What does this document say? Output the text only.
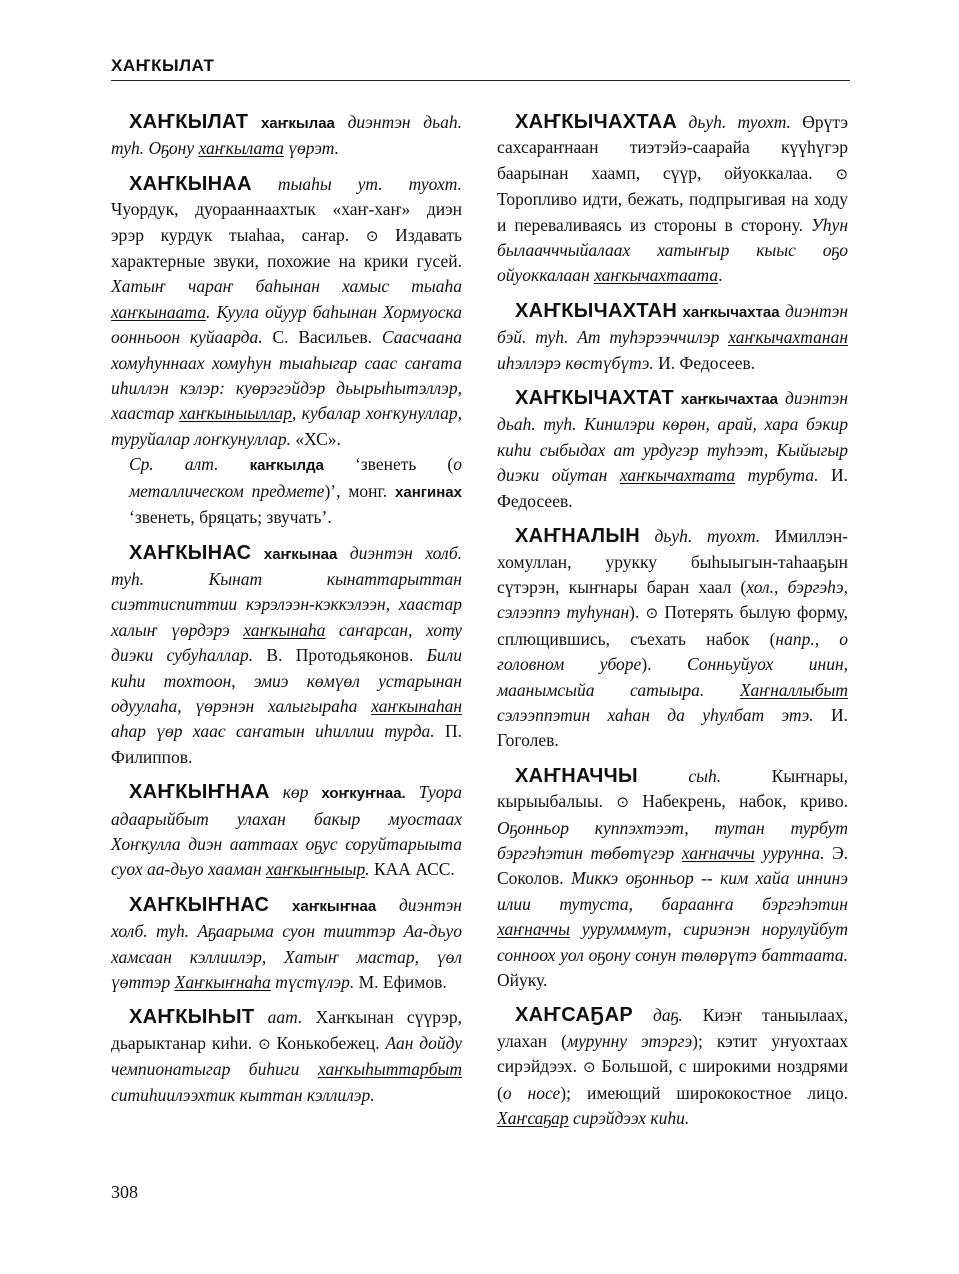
ХАҤКЫЛАТ
ХАҤКЫЛАТ хаҥкылаа диэнтэн дьаһ. туһ. Оҕону хаҥкылата үөрэт.

ХАҤКЫНАА тыаһы ут. туохт. Чуордук, дуорааннаахтык «хаҥ-хаҥ» диэн эрэр курдук тыаһаа, саҥар. ⊙ Издавать характерные звуки, похожие на крики гусей. Хатыҥ чараҥ баһынан хамыс тыаһа хаҥкынаата. Куула ойуур баһынан Хормуоска оонньоон куйаарда. С. Васильев. Саасчаана хомуһуннаах хомуһун тыаһыгар саас саҥата иһиллэн кэлэр: куөрэгэйдэр дьырыһытэллэр, хаастар хаҥкыныыллар, кубалар хоҥкунуллар, туруйалар лоҥкунуллар. «ХС».

Ср. алт. каҥкылда ‘звенеть (о металлическом предмете)’, монг. хангинах ‘звенеть, бряцать; звучать’.

ХАҤКЫНАС хаҥкынаа диэнтэн холб. туһ. Кынат кынаттарыттан сиэттиспиттии кэрэлээн-кэккэлээн, хаастар халыҥ үөрдэрэ хаҥкынаһа саҥарсан, хоту диэки субуһаллар. В. Протодьяконов. Били киһи тохтоон, эмиэ көмүөл устарынан одуулаһа, үөрэнэн халыгыраһа хаҥкынаһан аһар үөр хаас саҥатын иһиллии турда. П. Филиппов.
ХАҤКЫҤНАА көр хоҥкуҥнаа. Туора адаарыйбыт улахан бакыр муостаах Хоҥкулла диэн ааттаах оҕус соруйтарыыта суох аа-дьуо хааман хаҥкыҥныыр. КАА АСС.
ХАҤКЫҤНАС хаҥкыҥнаа диэнтэн холб. туһ. Аҕаарыма суон тииттэр Аа-дьуо хамсаан кэллиилэр, Хатыҥ мастар, үөл үөттэр Хаҥкыҥнаһа түстүлэр. М. Ефимов.
ХАҤКЫҺЫТ аат. Хаҥкынан сүүрэр, дьарыктанар киһи. ⊙ Конькобежец. Аан дойду чемпионатыгар биһиги хаҥкыһыттарбыт ситиһиилээхтик кыттан кэллилэр.
ХАҤКЫЧАХТАА дьуһ. туохт. Өрүтэ сахсараҥнаан тиэтэйэ-саарайа күүһүгэр баарынан хаамп, сүүр, ойуоккалаа. ⊙ Торопливо идти, бежать, подпрыгивая на ходу и переваливаясь из стороны в сторону. Уһун былаачччыйалаах хатыҥыр кыыс оҕо ойуоккалаан хаҥкычахтаата.
ХАҤКЫЧАХТАН хаҥкычахтаа диэнтэн бэй. туһ. Ат туһэрээччилэр хаҥкычахтанан иһэллэрэ көстүбүтэ. И. Федосеев.
ХАҤКЫЧАХТАТ хаҥкычахтаа диэнтэн дьаһ. туһ. Кинилэри көрөн, арай, хара бэкир киһи сыбыдах ат урдугэр туһээт, Кыйыгыр диэки ойутан хаҥкычахтата турбута. И. Федосеев.
ХАҤНАЛЫН дьуһ. туохт. Имиллэн-хомуллан, урукку быһыыгын-таһааҕын сүтэрэн, кыҥнары баран хаал (хол., бэргэһэ, сэлээппэ туһунан). ⊙ Потерять былую форму, сплющившись, съехать набок (напр., о головном уборе). Сонньуйуох инин, маанымсыйа сатыыра. Хаҥналлыбыт сэлээппэтин хаһан да уһулбат этэ. И. Гоголев.
ХАҤНАЧЧЫ	сыһ.	Кыҥнары, кырыыбалыы. ⊙ Набекрень, набок, криво. Оҕонньор куппэхтээт, тутан турбут бэргэһэтин төбөтүгэр хаҥначчы уурунна. Э. Соколов. Миккэ оҕонньор -- ким хайа иннинэ илии тутуста, бараанҥа бэргэһэтин хаҥначчы уурумммут, сириэнэн норулуйбут сонноох уол оҕону сонун төлөрүтэ баттаата. Ойуку.
ХАҤСАҔАР даҕ. Киэҥ таныылаах, улахан (мурунну этэргэ); кэтит уҥуохтаах сирэйдээх. ⊙ Большой, с широкими ноздрями (о носе); имеющий ширококостное лицо. Хаҥсаҕар сирэйдээх киһи.
308
